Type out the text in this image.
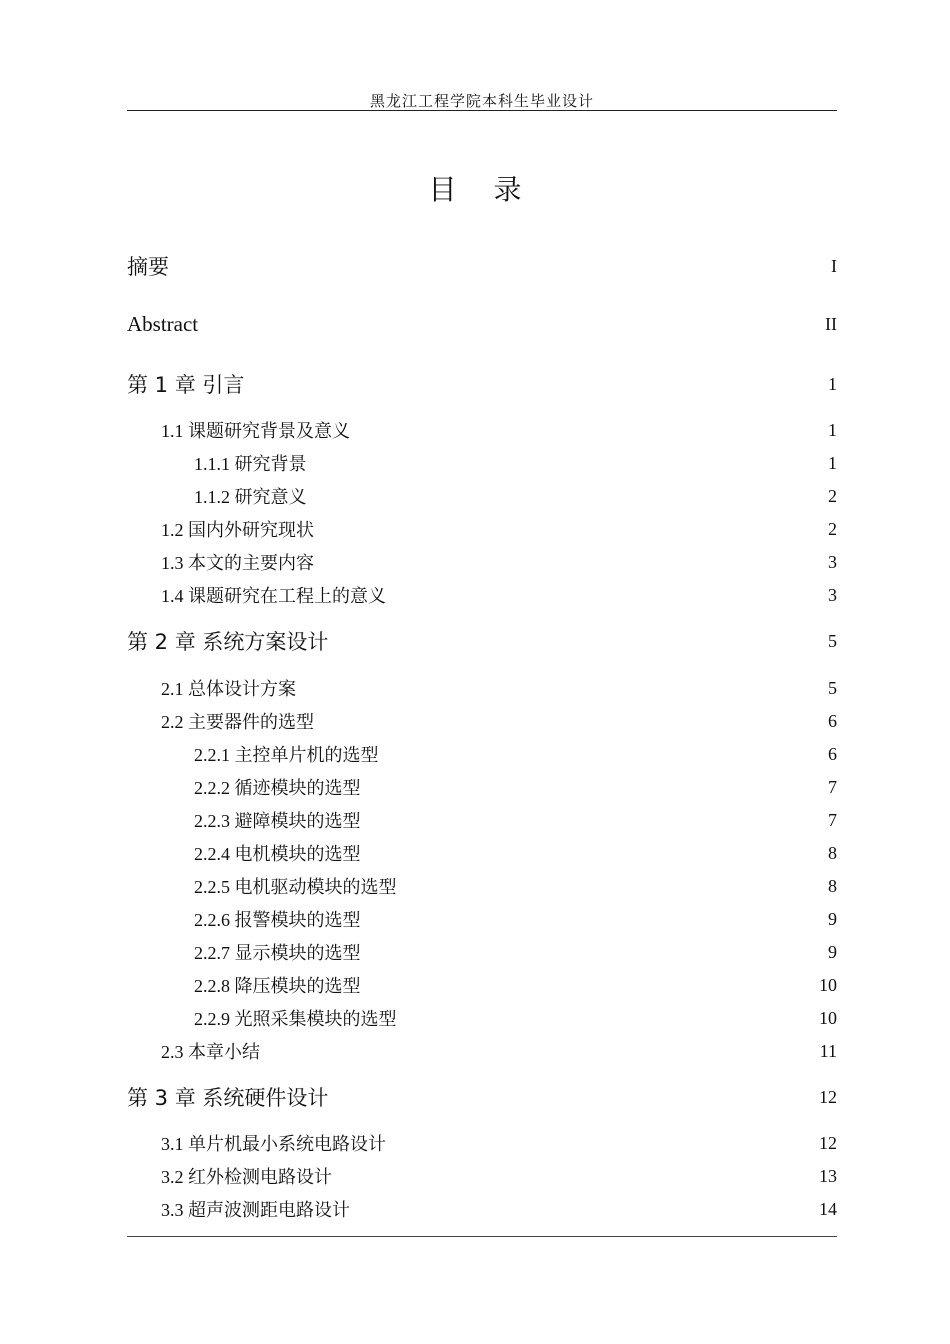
黑龙江工程学院本科生毕业设计
目 录
摘要	I
Abstract	II
第 1 章 引言	1
1.1 课题研究背景及意义	1
1.1.1 研究背景	1
1.1.2 研究意义	2
1.2 国内外研究现状	2
1.3 本文的主要内容	3
1.4 课题研究在工程上的意义	3
第 2 章 系统方案设计	5
2.1 总体设计方案	5
2.2 主要器件的选型	6
2.2.1 主控单片机的选型	6
2.2.2 循迹模块的选型	7
2.2.3 避障模块的选型	7
2.2.4 电机模块的选型	8
2.2.5 电机驱动模块的选型	8
2.2.6 报警模块的选型	9
2.2.7 显示模块的选型	9
2.2.8 降压模块的选型	10
2.2.9 光照采集模块的选型	10
2.3 本章小结	11
第 3 章 系统硬件设计	12
3.1 单片机最小系统电路设计	12
3.2 红外检测电路设计	13
3.3 超声波测距电路设计	14
